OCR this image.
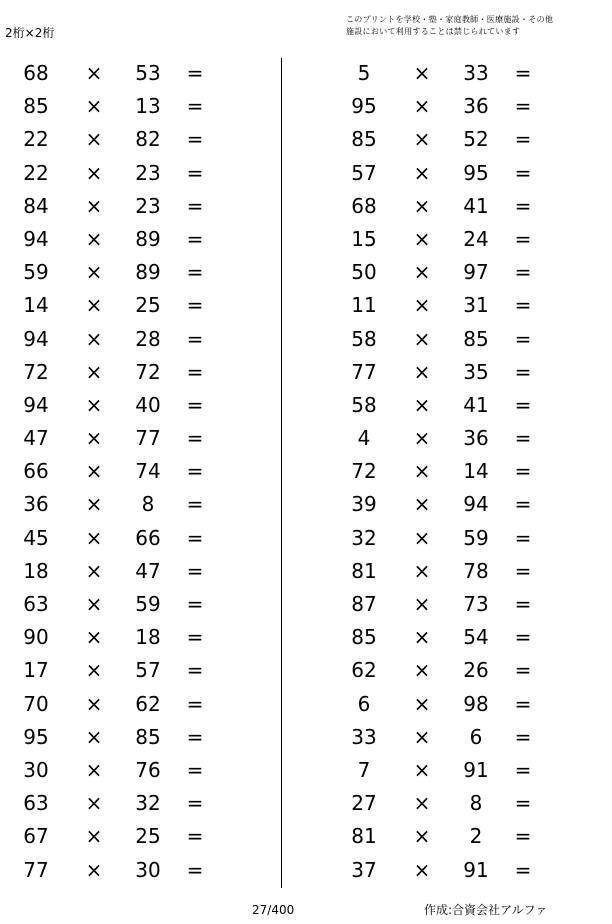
2桁×2桁
このプリントを学校・塾・家庭教師・医療施設・その他
施設において利用することは禁じられています
68	×	53	=
85	×	13	=
22	×	82	=
22	×	23	=
84	×	23	=
94	×	89	=
59	×	89	=
14	×	25	=
94	×	28	=
72	×	72	=
94	×	40	=
47	×	77	=
66	×	74	=
36	×	8	=
45	×	66	=
18	×	47	=
63	×	59	=
90	×	18	=
17	×	57	=
70	×	62	=
95	×	85	=
30	×	76	=
63	×	32	=
67	×	25	=
77	×	30	=
5	×	33	=
95	×	36	=
85	×	52	=
57	×	95	=
68	×	41	=
15	×	24	=
50	×	97	=
11	×	31	=
58	×	85	=
77	×	35	=
58	×	41	=
4	×	36	=
72	×	14	=
39	×	94	=
32	×	59	=
81	×	78	=
87	×	73	=
85	×	54	=
62	×	26	=
6	×	98	=
33	×	6	=
7	×	91	=
27	×	8	=
81	×	2	=
37	×	91	=
27/400	作成:合資会社アルファ
